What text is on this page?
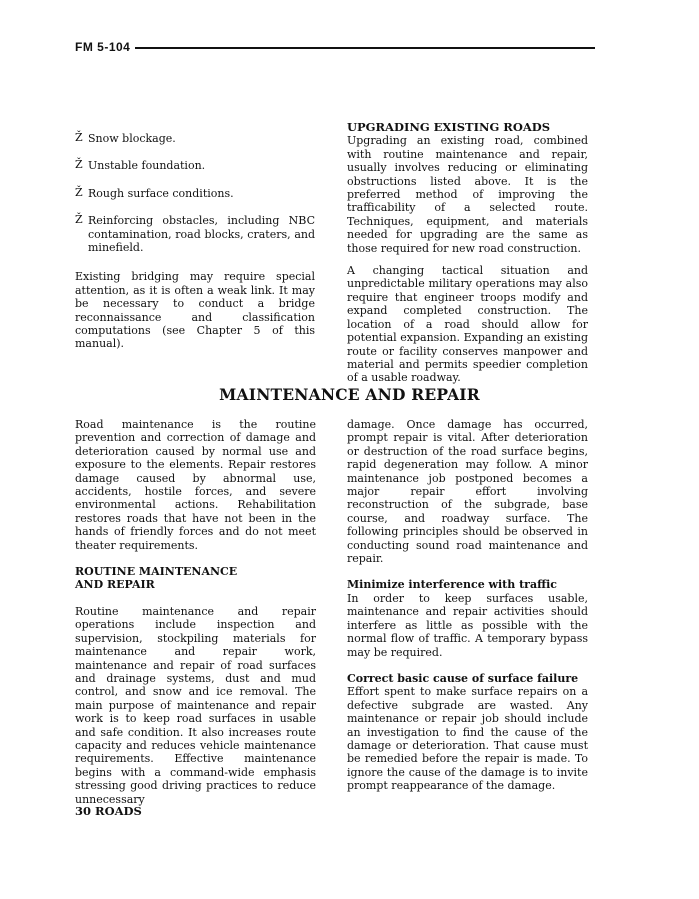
FM 5-104
Ž Snow blockage.
Ž Unstable foundation.
Ž Rough surface conditions.
Ž Reinforcing obstacles, including NBC contamination, road blocks, craters, and minefield.

Existing bridging may require special attention, as it is often a weak link. It may be necessary to conduct a bridge reconnaissance and classification computations (see Chapter 5 of this manual).

UPGRADING EXISTING ROADS

Upgrading an existing road, combined with routine maintenance and repair, usually involves reducing or eliminating obstructions listed above. It is the preferred method of improving the trafficability of a selected route. Techniques, equipment, and materials needed for upgrading are the same as those required for new road construction.

A changing tactical situation and unpredictable military operations may also require that engineer troops modify and expand completed construction. The location of a road should allow for potential expansion. Expanding an existing route or facility conserves manpower and material and permits speedier completion of a usable roadway.

MAINTENANCE AND REPAIR

Road maintenance is the routine prevention and correction of damage and deterioration caused by normal use and exposure to the elements. Repair restores damage caused by abnormal use, accidents, hostile forces, and severe environmental actions. Rehabilitation restores roads that have not been in the hands of friendly forces and do not meet theater requirements.

ROUTINE MAINTENANCE

AND REPAIR

Routine maintenance and repair operations include inspection and supervision, stockpiling materials for maintenance and repair work, maintenance and repair of road surfaces and drainage systems, dust and mud control, and snow and ice removal. The main purpose of maintenance and repair work is to keep road surfaces in usable and safe condition. It also increases route capacity and reduces vehicle maintenance requirements. Effective maintenance begins with a command-wide emphasis stressing good driving practices to reduce unnecessary

damage. Once damage has occurred, prompt repair is vital. After deterioration or destruction of the road surface begins, rapid degeneration may follow. A minor maintenance job postponed becomes a major repair effort involving reconstruction of the subgrade, base course, and roadway surface. The following principles should be observed in conducting sound road maintenance and repair.

Minimize interference with traffic

In order to keep surfaces usable, maintenance and repair activities should interfere as little as possible with the normal flow of traffic. A temporary bypass may be required.

Correct basic cause of surface failure

Effort spent to make surface repairs on a defective subgrade are wasted. Any maintenance or repair job should include an investigation to find the cause of the damage or deterioration. That cause must be remedied before the repair is made. To ignore the cause of the damage is to invite prompt reappearance of the damage.

30 ROADS
